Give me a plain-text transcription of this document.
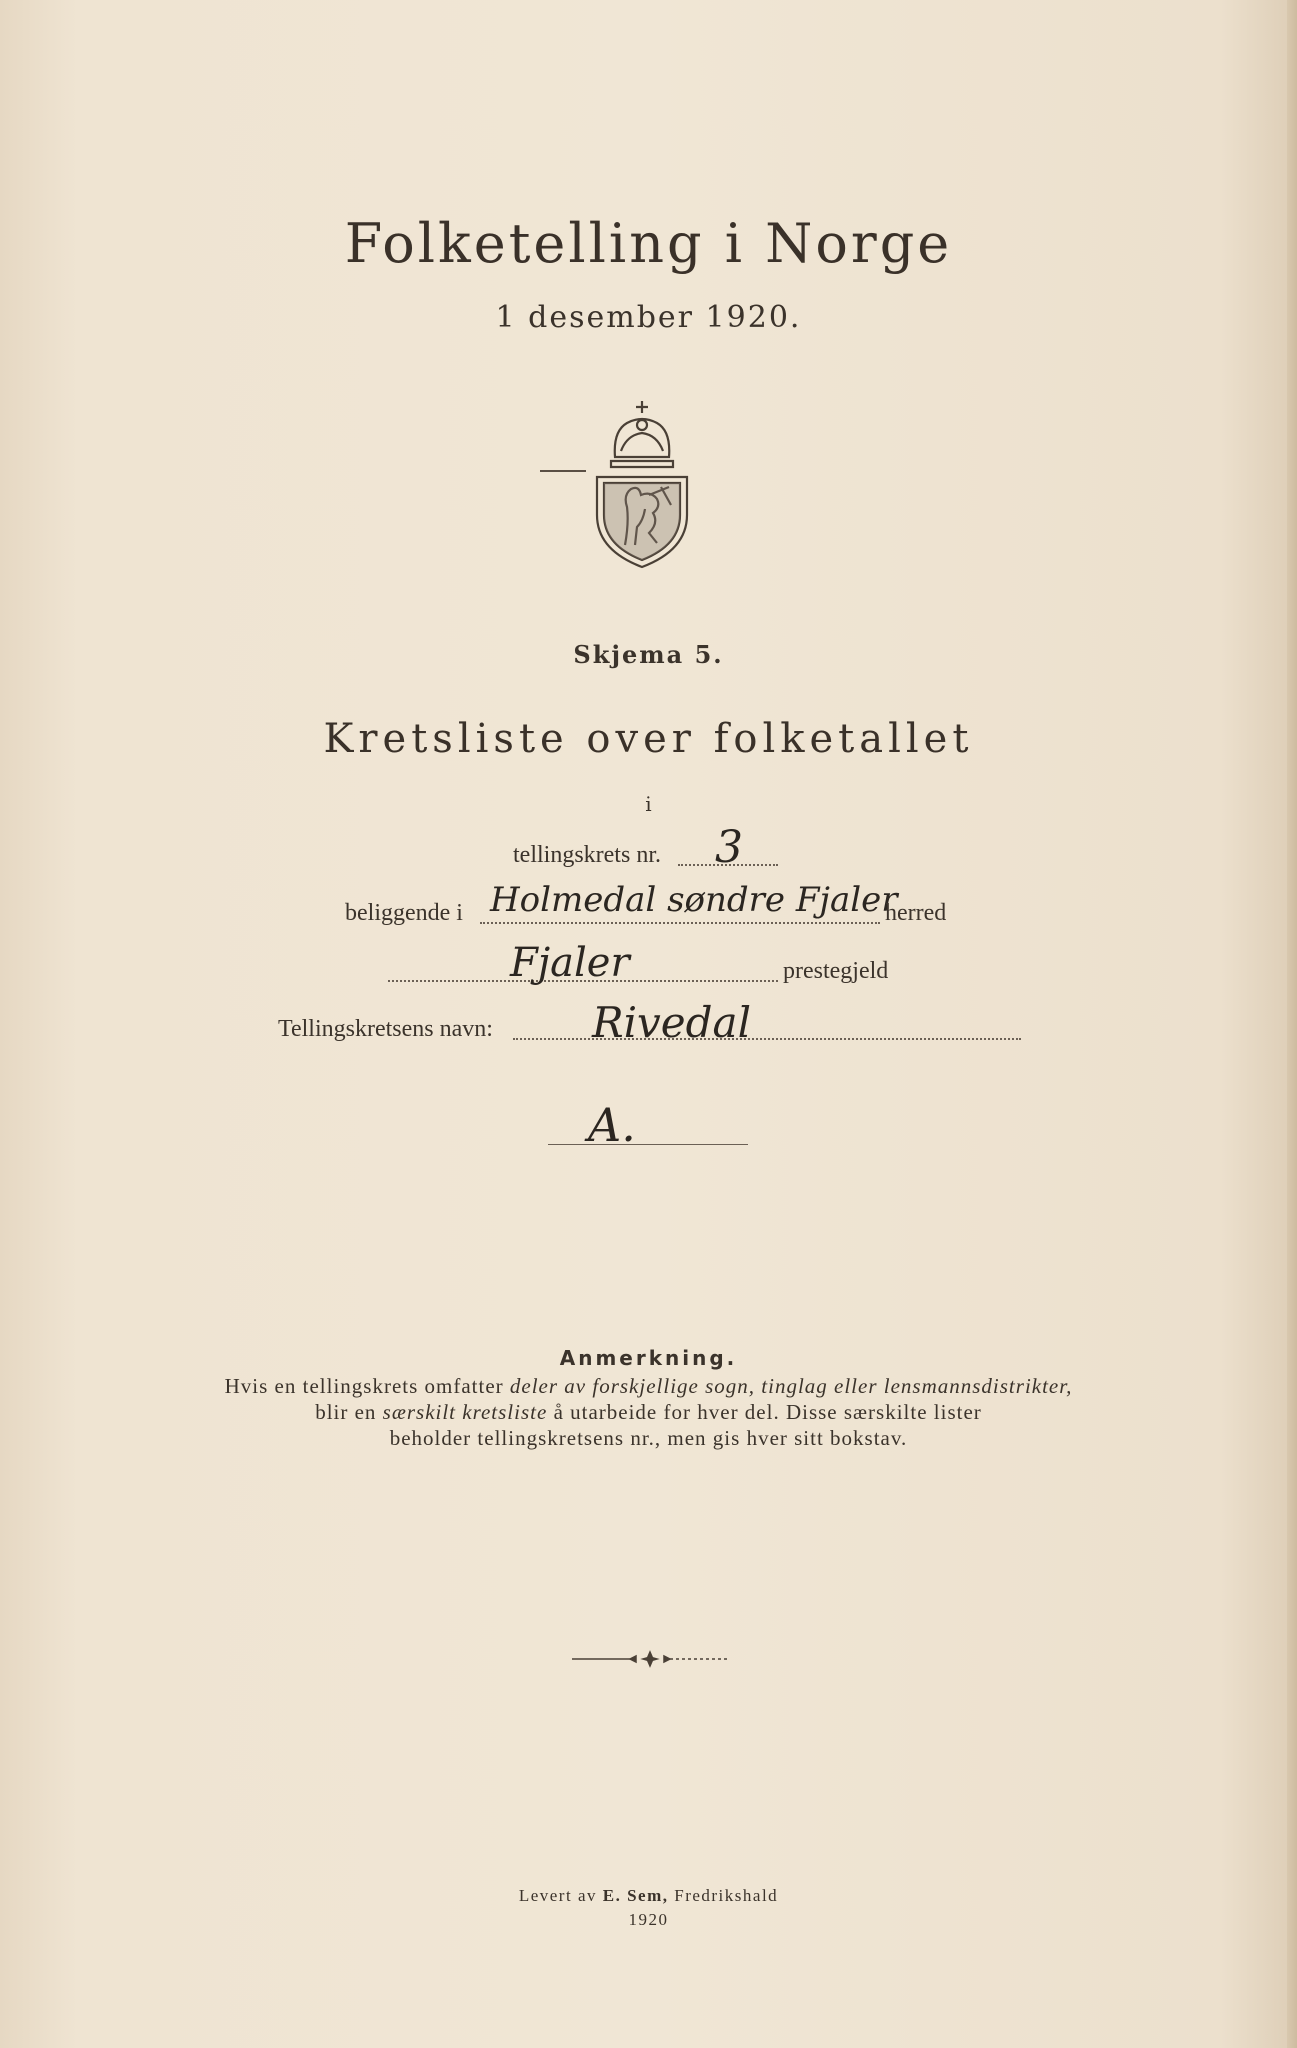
Folketelling i Norge
1 desember 1920.
Skjema 5.
Kretsliste over folketallet
i
tellingskrets nr. 3
beliggende i Holmedal søndre Fjaler
herred
Fjaler	prestegjeld
Tellingskretsens navn: Rivedal
A.
Anmerkning.
Hvis en tellingskrets omfatter deler av forskjellige sogn, tinglag eller lensmannsdistrikter,
blir en særskilt kretsliste å utarbeide for hver del. Disse særskilte lister
beholder tellingskretsens nr., men gis hver sitt bokstav.
Levert av E. Sem, Fredrikshald
1920
